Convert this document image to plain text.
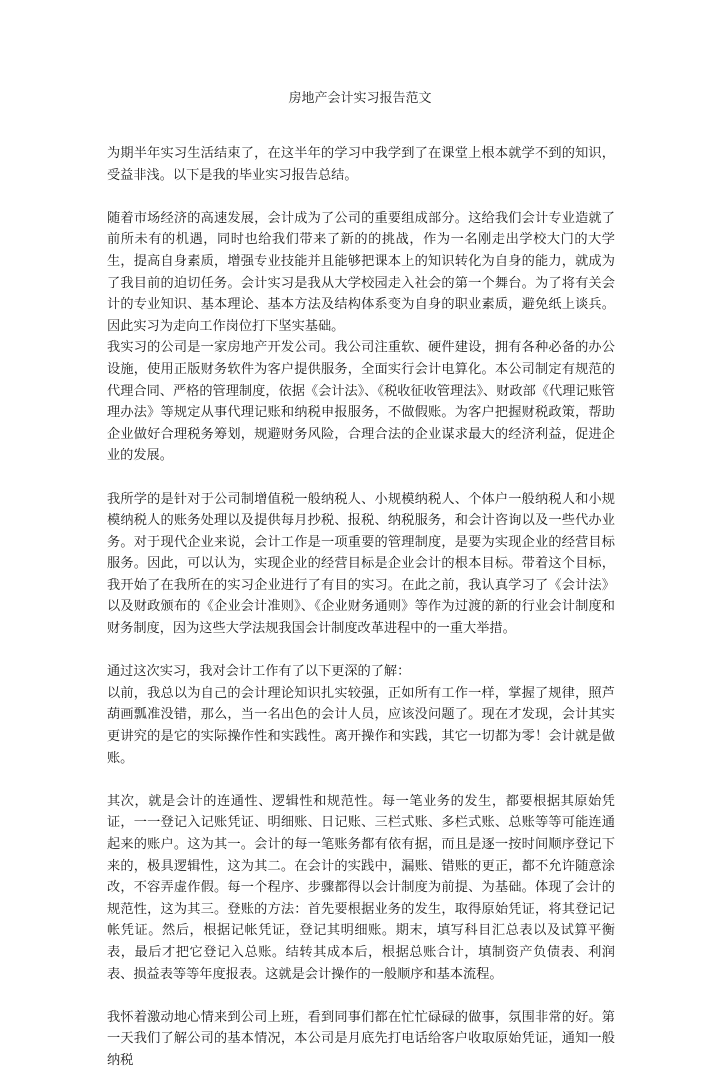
房地产会计实习报告范文

为期半年实习生活结束了，在这半年的学习中我学到了在课堂上根本就学不到的知识，受益非浅。以下是我的毕业实习报告总结。

随着市场经济的高速发展，会计成为了公司的重要组成部分。这给我们会计专业造就了前所未有的机遇，同时也给我们带来了新的的挑战，作为一名刚走出学校大门的大学生，提高自身素质，增强专业技能并且能够把课本上的知识转化为自身的能力，就成为了我目前的迫切任务。会计实习是我从大学校园走入社会的第一个舞台。为了将有关会计的专业知识、基本理论、基本方法及结构体系变为自身的职业素质，避免纸上谈兵。因此实习为走向工作岗位打下坚实基础。

我实习的公司是一家房地产开发公司。我公司注重软、硬件建设，拥有各种必备的办公设施，使用正版财务软件为客户提供服务，全面实行会计电算化。本公司制定有规范的代理合同、严格的管理制度，依据《会计法》、《税收征收管理法》、财政部《代理记账管理办法》等规定从事代理记账和纳税申报服务，不做假账。为客户把握财税政策，帮助企业做好合理税务筹划，规避财务风险，合理合法的企业谋求最大的经济利益，促进企业的发展。

我所学的是针对于公司制增值税一般纳税人、小规模纳税人、个体户一般纳税人和小规模纳税人的账务处理以及提供每月抄税、报税、纳税服务，和会计咨询以及一些代办业务。对于现代企业来说，会计工作是一项重要的管理制度，是要为实现企业的经营目标服务。因此，可以认为，实现企业的经营目标是企业会计的根本目标。带着这个目标，我开始了在我所在的实习企业进行了有目的实习。在此之前，我认真学习了《会计法》以及财政颁布的《企业会计准则》、《企业财务通则》等作为过渡的新的行业会计制度和财务制度，因为这些大学法规我国会计制度改革进程中的一重大举措。

通过这次实习，我对会计工作有了以下更深的了解：

以前，我总以为自己的会计理论知识扎实较强，正如所有工作一样，掌握了规律，照芦葫画瓢准没错，那么，当一名出色的会计人员，应该没问题了。现在才发现，会计其实更讲究的是它的实际操作性和实践性。离开操作和实践，其它一切都为零！会计就是做账。

其次，就是会计的连通性、逻辑性和规范性。每一笔业务的发生，都要根据其原始凭证，一一登记入记账凭证、明细账、日记账、三栏式账、多栏式账、总账等等可能连通起来的账户。这为其一。会计的每一笔账务都有依有据，而且是逐一按时间顺序登记下来的，极具逻辑性，这为其二。在会计的实践中，漏账、错账的更正，都不允许随意涂改，不容弄虚作假。每一个程序、步骤都得以会计制度为前提、为基础。体现了会计的规范性，这为其三。登账的方法：首先要根据业务的发生，取得原始凭证，将其登记记帐凭证。然后，根据记帐凭证，登记其明细账。期末，填写科目汇总表以及试算平衡表，最后才把它登记入总账。结转其成本后，根据总账合计，填制资产负债表、利润表、损益表等等年度报表。这就是会计操作的一般顺序和基本流程。

我怀着激动地心情来到公司上班，看到同事们都在忙忙碌碌的做事，氛围非常的好。第一天我们了解公司的基本情况，本公司是月底先打电话给客户收取原始凭证，通知一般纳税
